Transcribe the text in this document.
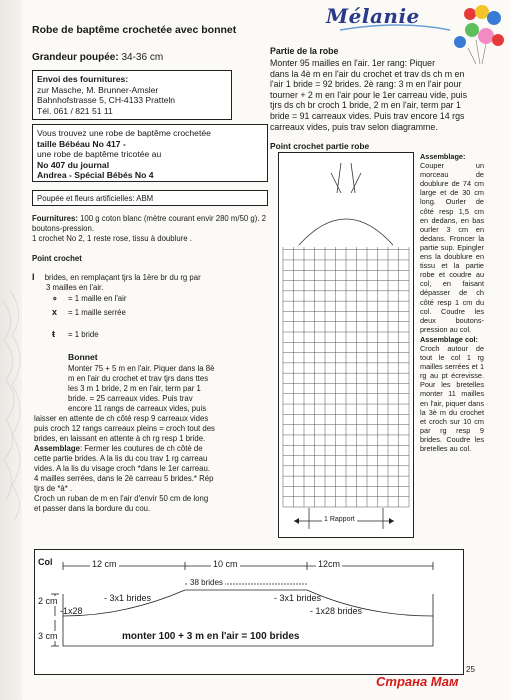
Mélanie
Robe de baptême crochetée avec bonnet
Grandeur poupée: 34-36 cm
Envoi des fournitures:
zur Masche, M. Brunner-Amsler
Bahnhofstrasse 5, CH-4133 Pratteln
Tél. 061 / 821 51 11
Vous trouvez une robe de baptême crochetée
taille Bébéau No 417 -
une robe de baptême tricotée au
No 407 du journal
Andrea - Spécial Bébés No 4
Poupée et fleurs artificielles: ABM
Fournitures: 100 g coton blanc (mètre courant envir 280 m/50 g). 2 boutons-pression.
1 crochet No 2, 1 reste rose, tissu à doublure .
Point crochet
I brides, en remplaçant tjrs la 1ère br du rg par
3 mailles en l'air.
∘ = 1 maille en l'air
x = 1 maille serrée
ŧ = 1 bride
Bonnet
Monter 75 + 5 m en l'air. Piquer dans la 8è
m en l'air du crochet et trav tjrs dans ttes
les 3 m 1 bride, 2 m en l'air, term par 1
bride. = 25 carreaux vides. Puis trav
encore 11 rangs de carreaux vides, puis
laisser en attente de ch côté resp 9 carreaux vides
puis croch 12 rangs carreaux pleins = croch tout des
brides, en laissant en attente à ch rg resp 1 bride.
Assemblage: Fermer les coutures de ch côté de
cette partie brides. A la lis du cou trav 1 rg carreau
vides. A la lis du visage croch *dans le 1er carreau.
4 mailles serrées, dans le 2è carreau 5 brides.* Rép
tjrs de *à* .
Croch un ruban de m en l'air d'envir 50 cm de long
et passer dans la bordure du cou.
Partie de la robe
Monter 95 mailles en l'air. 1er rang: Piquer
dans la 4è m en l'air du crochet et trav ds ch m en
l'air 1 bride = 92 brides. 2è rang: 3 m en l'air pour
tourner + 2 m en l'air pour le 1er carreau vide, puis
tjrs ds ch br croch 1 bride, 2 m en l'air, term par 1
bride = 91 carreaux vides. Puis trav encore 14 rgs
carreaux vides, puis trav selon diagramme.
Point crochet partie robe
1 Rapport
Assemblage:
Couper un morceau de doublure de 74 cm large et de 30 cm long. Ourler de côté resp 1,5 cm en dedans, en bas ourler 3 cm en dedans. Froncer la partie sup. Epingler ens la doublure en tissu et la partie robe et coudre au col, en faisant dépasser de ch côté resp 1 cm du col. Coudre les deux boutons-pression au col.
Assemblage col:
Croch autour de tout le col 1 rg mailles serrées et 1 rg au pt écrevisse. Pour les bretelles monter 11 mailles en l'air, piquer dans la 3è m du crochet et croch sur 10 cm par rg resp 9 brides. Coudre les bretelles au col.
Col	12 cm	10 cm	12cm
38 brides
- 3x1 brides	- 3x1 brides
-1x28	- 1x28 brides
2 cm
3 cm	monter 100 + 3 m en l'air = 100 brides
25
Страна Мам
